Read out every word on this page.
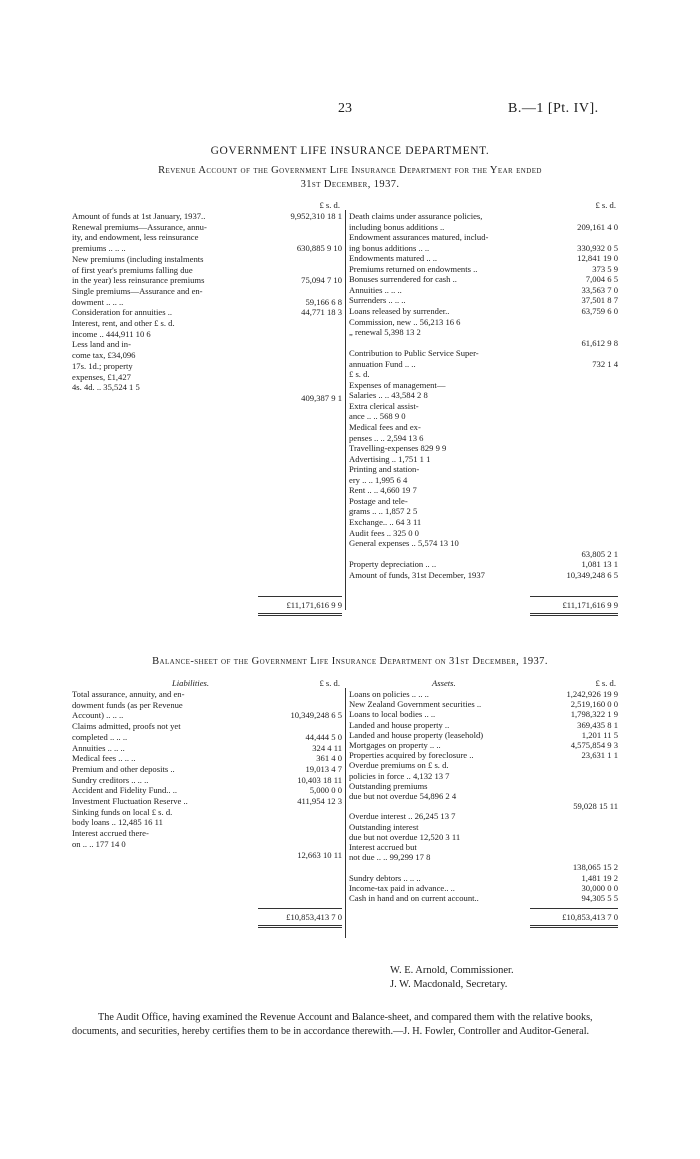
23	B.—1 [Pt. IV].
GOVERNMENT LIFE INSURANCE DEPARTMENT.
Revenue Account of the Government Life Insurance Department for the Year ended
31st December, 1937.
£ s. d.	£ s. d.
Amount of funds at 1st January, 1937..	9,952,310 18 1
Renewal premiums—Assurance, annu-
ity, and endowment, less reinsurance
premiums .. .. ..	630,885 9 10
New premiums (including instalments
of first year's premiums falling due
in the year) less reinsurance premiums	75,094 7 10
Single premiums—Assurance and en-
dowment .. .. ..	59,166 6 8
Consideration for annuities ..	44,771 18 3
Interest, rent, and other £ s. d.
income .. 444,911 10 6
Less land and in-
come tax, £34,096
17s. 1d.; property
expenses, £1,427
4s. 4d. .. 35,524 1 5
409,387 9 1
Death claims under assurance policies,
including bonus additions ..	209,161 4 0
Endowment assurances matured, includ-
ing bonus additions .. ..	330,932 0 5
Endowments matured .. ..	12,841 19 0
Premiums returned on endowments ..	373 5 9
Bonuses surrendered for cash ..	7,004 6 5
Annuities .. .. ..	33,563 7 0
Surrenders .. .. ..	37,501 8 7
Loans released by surrender..	63,759 6 0
Commission, new .. 56,213 16 6
„ renewal 5,398 13 2
61,612 9 8
Contribution to Public Service Super-
annuation Fund .. ..	732 1 4
£ s. d.
Expenses of management—
Salaries .. .. 43,584 2 8
Extra clerical assist-
ance .. .. 568 9 0
Medical fees and ex-
penses .. .. 2,594 13 6
Travelling-expenses 829 9 9
Advertising .. 1,751 1 1
Printing and station-
ery .. .. 1,995 6 4
Rent .. .. 4,660 19 7
Postage and tele-
grams .. .. 1,857 2 5
Exchange.. .. 64 3 11
Audit fees .. 325 0 0
General expenses .. 5,574 13 10
63,805 2 1
Property depreciation .. ..	1,081 13 1
Amount of funds, 31st December, 1937	10,349,248 6 5
£11,171,616 9 9	£11,171,616 9 9
Balance-sheet of the Government Life Insurance Department on 31st December, 1937.
Liabilities.	Assets.
£ s. d.	£ s. d.
Total assurance, annuity, and en-
dowment funds (as per Revenue
Account) .. .. ..	10,349,248 6 5
Claims admitted, proofs not yet
completed .. .. ..	44,444 5 0
Annuities .. .. ..	324 4 11
Medical fees .. .. ..	361 4 0
Premium and other deposits ..	19,013 4 7
Sundry creditors .. .. ..	10,403 18 11
Accident and Fidelity Fund.. ..	5,000 0 0
Investment Fluctuation Reserve ..	411,954 12 3
Sinking funds on local £ s. d.
body loans .. 12,485 16 11
Interest accrued there-
on .. .. 177 14 0
12,663 10 11
Loans on policies .. .. ..	1,242,926 19 9
New Zealand Government securities ..	2,519,160 0 0
Loans to local bodies .. ..	1,798,322 1 9
Landed and house property ..	369,435 8 1
Landed and house property (leasehold)	1,201 11 5
Mortgages on property .. ..	4,575,854 9 3
Properties acquired by foreclosure ..	23,631 1 1
Overdue premiums on £ s. d.
policies in force .. 4,132 13 7
Outstanding premiums
due but not overdue 54,896 2 4
59,028 15 11
Overdue interest .. 26,245 13 7
Outstanding interest
due but not overdue 12,520 3 11
Interest accrued but
not due .. .. 99,299 17 8
138,065 15 2
Sundry debtors .. .. ..	1,481 19 2
Income-tax paid in advance.. ..	30,000 0 0
Cash in hand and on current account..	94,305 5 5
£10,853,413 7 0	£10,853,413 7 0
W. E. Arnold, Commissioner.
J. W. Macdonald, Secretary.
The Audit Office, having examined the Revenue Account and Balance-sheet, and compared them with the relative books, documents, and securities, hereby certifies them to be in accordance therewith.—J. H. Fowler, Controller and Auditor-General.
